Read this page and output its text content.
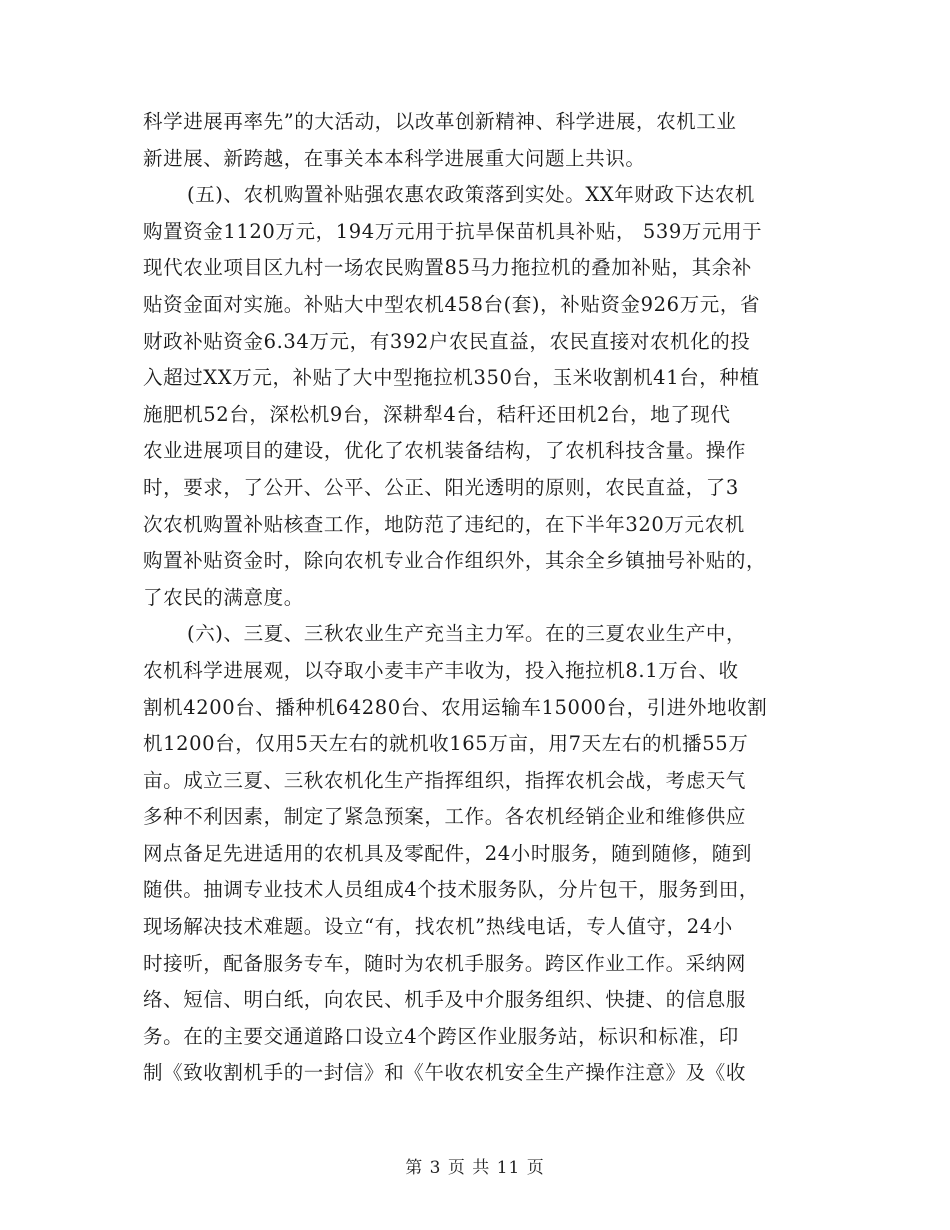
科学进展再率先”的大活动，以改革创新精神、科学进展，农机工业
新进展、新跨越，在事关本本科学进展重大问题上共识。
(五)、农机购置补贴强农惠农政策落到实处。XX年财政下达农机
购置资金1120万元，194万元用于抗旱保苗机具补贴， 539万元用于
现代农业项目区九村一场农民购置85马力拖拉机的叠加补贴，其余补
贴资金面对实施。补贴大中型农机458台(套)，补贴资金926万元，省
财政补贴资金6.34万元，有392户农民直益，农民直接对农机化的投
入超过XX万元，补贴了大中型拖拉机350台，玉米收割机41台，种植
施肥机52台，深松机9台，深耕犁4台，秸秆还田机2台，地了现代
农业进展项目的建设，优化了农机装备结构，了农机科技含量。操作
时，要求，了公开、公平、公正、阳光透明的原则，农民直益，了3
次农机购置补贴核查工作，地防范了违纪的，在下半年320万元农机
购置补贴资金时，除向农机专业合作组织外，其余全乡镇抽号补贴的，
了农民的满意度。
(六)、三夏、三秋农业生产充当主力军。在的三夏农业生产中，
农机科学进展观，以夺取小麦丰产丰收为，投入拖拉机8.1万台、收
割机4200台、播种机64280台、农用运输车15000台，引进外地收割
机1200台，仅用5天左右的就机收165万亩，用7天左右的机播55万
亩。成立三夏、三秋农机化生产指挥组织，指挥农机会战，考虑天气
多种不利因素，制定了紧急预案，工作。各农机经销企业和维修供应
网点备足先进适用的农机具及零配件，24小时服务，随到随修，随到
随供。抽调专业技术人员组成4个技术服务队，分片包干，服务到田，
现场解决技术难题。设立“有，找农机”热线电话，专人值守，24小
时接听，配备服务专车，随时为农机手服务。跨区作业工作。采纳网
络、短信、明白纸，向农民、机手及中介服务组织、快捷、的信息服
务。在的主要交通道路口设立4个跨区作业服务站，标识和标准，印
制《致收割机手的一封信》和《午收农机安全生产操作注意》及《收
第 3 页 共 11 页
